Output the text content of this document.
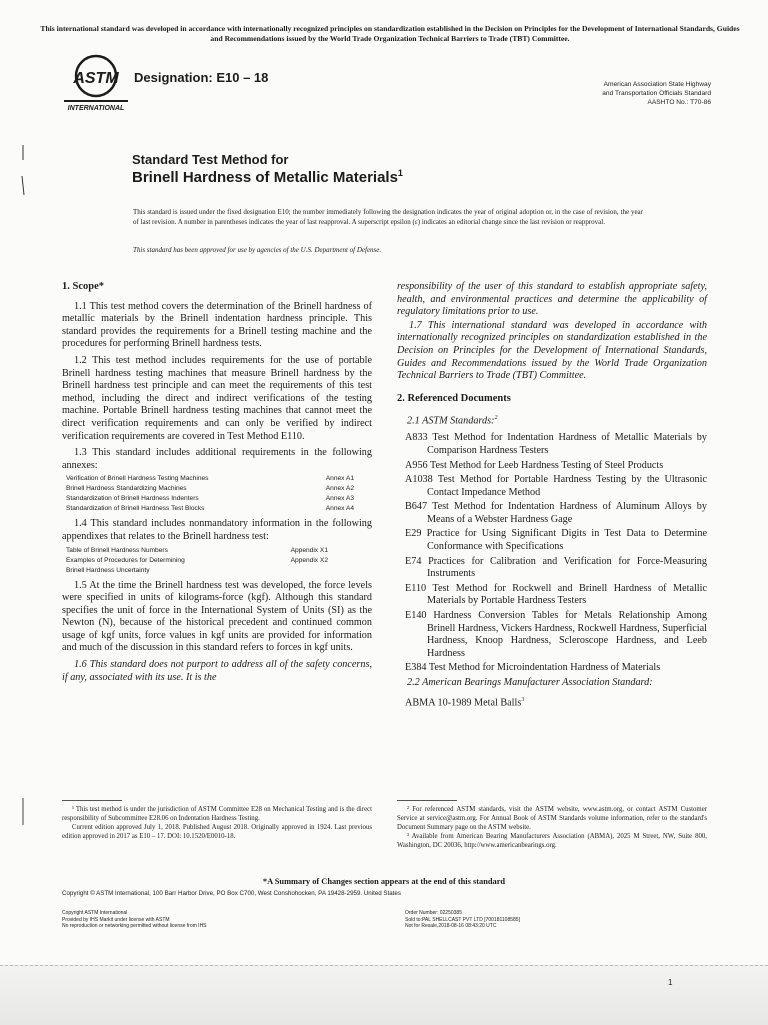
This international standard was developed in accordance with internationally recognized principles on standardization established in the Decision on Principles for the Development of International Standards, Guides and Recommendations issued by the World Trade Organization Technical Barriers to Trade (TBT) Committee.
ASTM
INTERNATIONAL
Designation: E10 – 18	American Association State Highway
and Transportation Officials Standard
AASHTO No.: T70-86
Standard Test Method for
Brinell Hardness of Metallic Materials$^1$
This standard is issued under the fixed designation E10; the number immediately following the designation indicates the year of original adoption or, in the case of revision, the year of last revision. A number in parentheses indicates the year of last reapproval. A superscript epsilon (ε) indicates an editorial change since the last revision or reapproval.
This standard has been approved for use by agencies of the U.S. Department of Defense.
1. Scope*

1.1 This test method covers the determination of the Brinell hardness of metallic materials by the Brinell indentation hardness principle. This standard provides the requirements for a Brinell testing machine and the procedures for performing Brinell hardness tests.

1.2 This test method includes requirements for the use of portable Brinell hardness testing machines that measure Brinell hardness by the Brinell hardness test principle and can meet the requirements of this test method, including the direct and indirect verifications of the testing machine. Portable Brinell hardness testing machines that cannot meet the direct verification requirements and can only be verified by indirect verification requirements are covered in Test Method E110.

1.3 This standard includes additional requirements in the following annexes:

Verification of Brinell Hardness Testing Machines	Annex A1
Brinell Hardness Standardizing Machines	Annex A2
Standardization of Brinell Hardness Indenters	Annex A3
Standardization of Brinell Hardness Test Blocks	Annex A4

1.4 This standard includes nonmandatory information in the following appendixes that relates to the Brinell hardness test:

Table of Brinell Hardness Numbers	Appendix X1
Examples of Procedures for Determining	Appendix X2
Brinell Hardness Uncertainty

1.5 At the time the Brinell hardness test was developed, the force levels were specified in units of kilograms-force (kgf). Although this standard specifies the unit of force in the International System of Units (SI) as the Newton (N), because of the historical precedent and continued common usage of kgf units, force values in kgf units are provided for information and much of the discussion in this standard refers to forces in kgf units.

1.6 This standard does not purport to address all of the safety concerns, if any, associated with its use. It is the

responsibility of the user of this standard to establish appropriate safety, health, and environmental practices and determine the applicability of regulatory limitations prior to use.

1.7 This international standard was developed in accordance with internationally recognized principles on standardization established in the Decision on Principles for the Development of International Standards, Guides and Recommendations issued by the World Trade Organization Technical Barriers to Trade (TBT) Committee.

2. Referenced Documents
2.1 ASTM Standards:$^2$
A833 Test Method for Indentation Hardness of Metallic Materials by Comparison Hardness Testers
A956 Test Method for Leeb Hardness Testing of Steel Products
A1038 Test Method for Portable Hardness Testing by the Ultrasonic Contact Impedance Method
B647 Test Method for Indentation Hardness of Aluminum Alloys by Means of a Webster Hardness Gage
E29 Practice for Using Significant Digits in Test Data to Determine Conformance with Specifications
E74 Practices for Calibration and Verification for Force-Measuring Instruments
E110 Test Method for Rockwell and Brinell Hardness of Metallic Materials by Portable Hardness Testers
E140 Hardness Conversion Tables for Metals Relationship Among Brinell Hardness, Vickers Hardness, Rockwell Hardness, Superficial Hardness, Knoop Hardness, Scleroscope Hardness, and Leeb Hardness
E384 Test Method for Microindentation Hardness of Materials
2.2 American Bearings Manufacturer Association Standard:
ABMA 10-1989 Metal Balls$^3$
¹ This test method is under the jurisdiction of ASTM Committee E28 on Mechanical Testing and is the direct responsibility of Subcommittee E28.06 on Indentation Hardness Testing.
Current edition approved July 1, 2018. Published August 2018. Originally approved in 1924. Last previous edition approved in 2017 as E10 – 17. DOI: 10.1520/E0010-18.
² For referenced ASTM standards, visit the ASTM website, www.astm.org, or contact ASTM Customer Service at service@astm.org. For Annual Book of ASTM Standards volume information, refer to the standard's Document Summary page on the ASTM website.
³ Available from American Bearing Manufacturers Association (ABMA), 2025 M Street, NW, Suite 800, Washington, DC 20036, http://www.americanbearings.org.
*A Summary of Changes section appears at the end of this standard
Copyright © ASTM International, 100 Barr Harbor Drive, PO Box C700, West Conshohocken, PA 19428-2959. United States
Copyright ASTM International
Provided by IHS Markit under license with ASTM
No reproduction or networking permitted without license from IHS
Order Number: 02250385
Sold to:PAL SHELLCAST PVT LTD [700181108585]
Not for Resale,2018-08-16 08:43:20 UTC
1
